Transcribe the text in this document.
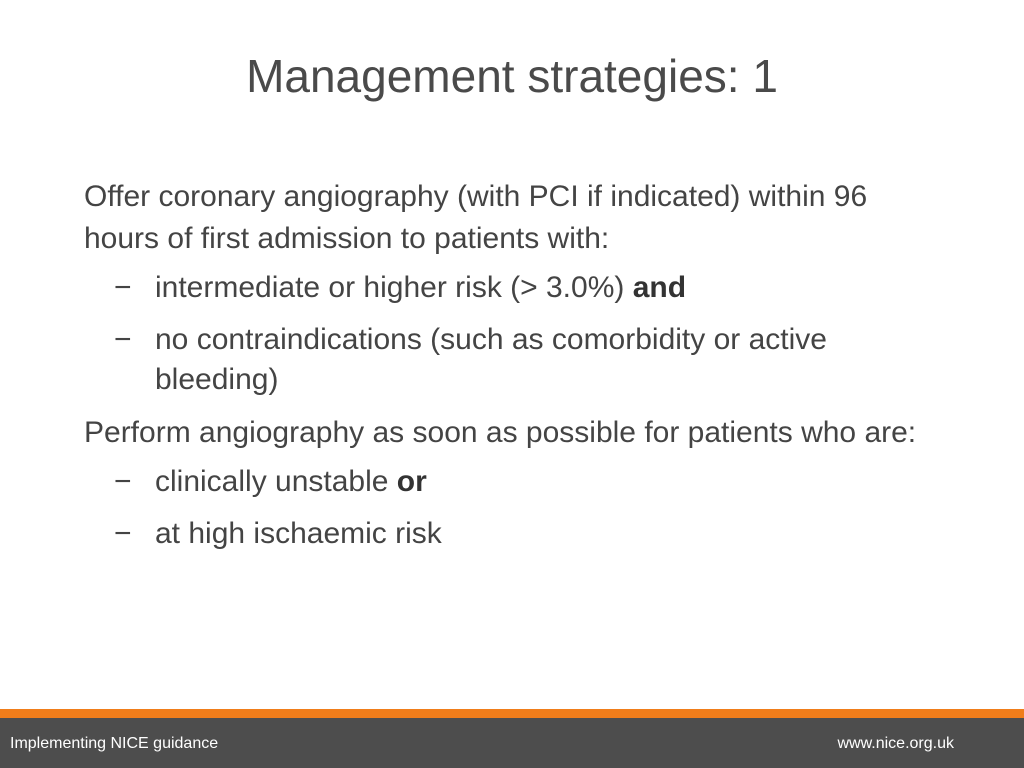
Management strategies: 1

Offer coronary angiography (with PCI if indicated) within 96 hours of first admission to patients with:

− intermediate or higher risk (> 3.0%) and
− no contraindications (such as comorbidity or active bleeding)

Perform angiography as soon as possible for patients who are:

− clinically unstable or
− at high ischaemic risk
Implementing NICE guidance	www.nice.org.uk
